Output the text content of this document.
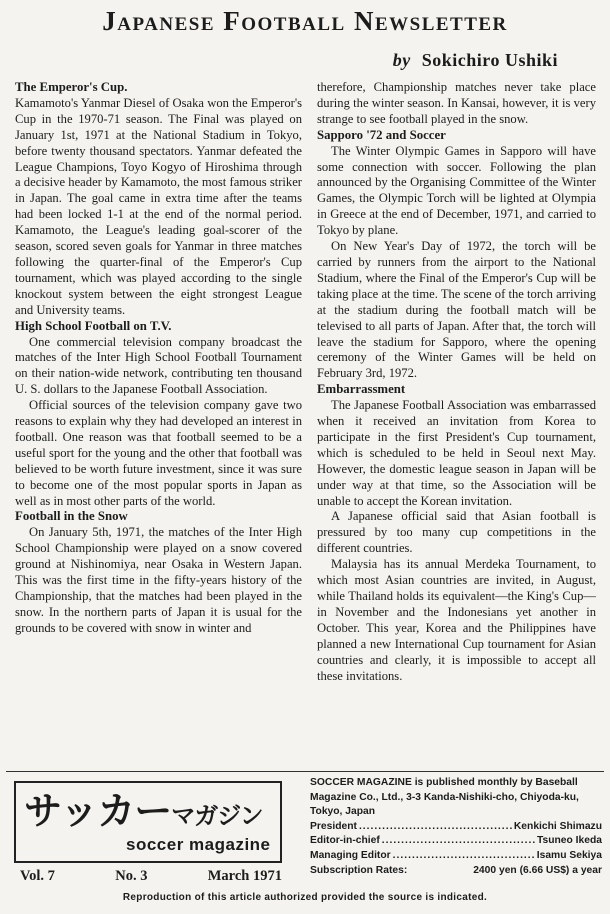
Japanese Football Newsletter
by Sokichiro Ushiki
The Emperor's Cup.

Kamamoto's Yanmar Diesel of Osaka won the Emperor's Cup in the 1970-71 season. The Final was played on January 1st, 1971 at the National Stadium in Tokyo, before twenty thousand spectators. Yanmar defeated the League Champions, Toyo Kogyo of Hiroshima through a decisive header by Kamamoto, the most famous striker in Japan. The goal came in extra time after the teams had been locked 1-1 at the end of the normal period. Kamamoto, the League's leading goal-scorer of the season, scored seven goals for Yanmar in three matches following the quarter-final of the Emperor's Cup tournament, which was played according to the single knockout system between the eight strongest League and University teams.

High School Football on T.V.

One commercial television company broadcast the matches of the Inter High School Football Tournament on their nation-wide network, contributing ten thousand U. S. dollars to the Japanese Football Association.

Official sources of the television company gave two reasons to explain why they had developed an interest in football. One reason was that football seemed to be a useful sport for the young and the other that football was believed to be worth future investment, since it was sure to become one of the most popular sports in Japan as well as in most other parts of the world.

Football in the Snow

On January 5th, 1971, the matches of the Inter High School Championship were played on a snow covered ground at Nishinomiya, near Osaka in Western Japan. This was the first time in the fifty-years history of the Championship, that the matches had been played in the snow. In the northern parts of Japan it is usual for the grounds to be covered with snow in winter and

therefore, Championship matches never take place during the winter season. In Kansai, however, it is very strange to see football played in the snow.

Sapporo '72 and Soccer

The Winter Olympic Games in Sapporo will have some connection with soccer. Following the plan announced by the Organising Committee of the Winter Games, the Olympic Torch will be lighted at Olympia in Greece at the end of December, 1971, and carried to Tokyo by plane.

On New Year's Day of 1972, the torch will be carried by runners from the airport to the National Stadium, where the Final of the Emperor's Cup will be taking place at the time. The scene of the torch arriving at the stadium during the football match will be televised to all parts of Japan. After that, the torch will leave the stadium for Sapporo, where the opening ceremony of the Winter Games will be held on February 3rd, 1972.

Embarrassment

The Japanese Football Association was embarrassed when it received an invitation from Korea to participate in the first President's Cup tournament, which is scheduled to be held in Seoul next May. However, the domestic league season in Japan will be under way at that time, so the Association will be unable to accept the Korean invitation.

A Japanese official said that Asian football is pressured by too many cup competitions in the different countries.

Malaysia has its annual Merdeka Tournament, to which most Asian countries are invited, in August, while Thailand holds its equivalent—the King's Cup—in November and the Indonesians yet another in October. This year, Korea and the Philippines have planned a new International Cup tournament for Asian countries and clearly, it is impossible to accept all these invitations.

サッカーマガジン
soccer magazine
Vol. 7	No. 3	March 1971
SOCCER MAGAZINE is published monthly by Baseball Magazine Co., Ltd., 3-3 Kanda-Nishiki-cho, Chiyoda-ku, Tokyo, Japan
President .....	Kenkichi Shimazu
Editor-in-chief .....	Tsuneo Ikeda
Managing Editor .....	Isamu Sekiya
Subscription Rates:	2400 yen (6.66 US$) a year
Reproduction of this article authorized provided the source is indicated.
